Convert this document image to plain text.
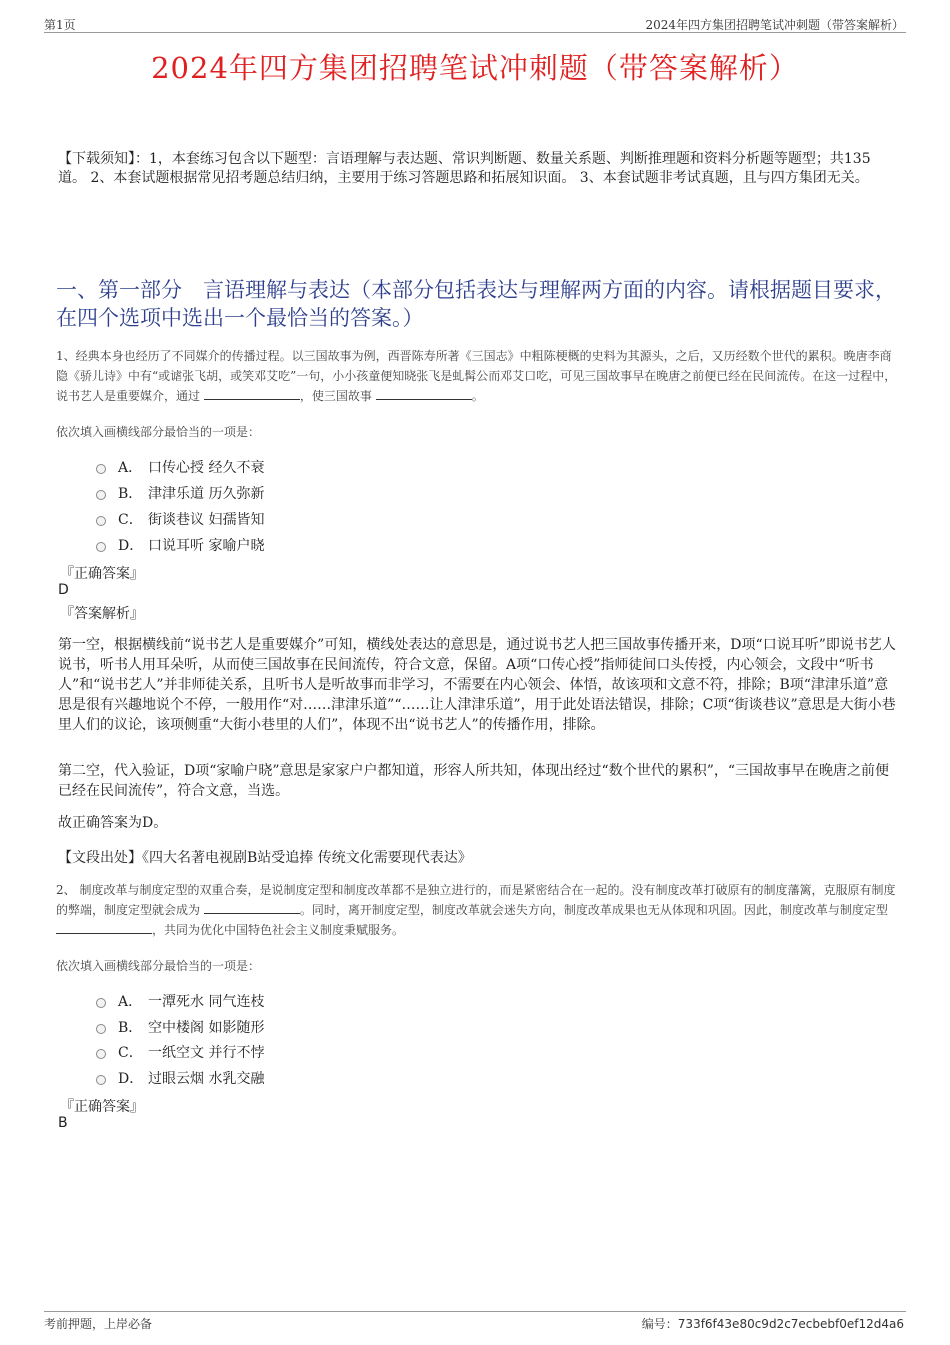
第1页	2024年四方集团招聘笔试冲刺题（带答案解析）
2024年四方集团招聘笔试冲刺题（带答案解析）
【下载须知】：1，本套练习包含以下题型：言语理解与表达题、常识判断题、数量关系题、判断推理题和资料分析题等题型；共135道。 2、本套试题根据常见招考题总结归纳，主要用于练习答题思路和拓展知识面。 3、本套试题非考试真题，且与四方集团无关。
一、第一部分　言语理解与表达（本部分包括表达与理解两方面的内容。请根据题目要求，在四个选项中选出一个最恰当的答案。）
1、经典本身也经历了不同媒介的传播过程。以三国故事为例，西晋陈寿所著《三国志》中粗陈梗概的史料为其源头，之后，又历经数个世代的累积。晚唐李商隐《骄儿诗》中有“或谑张飞胡，或笑邓艾吃”一句，小小孩童便知晓张飞是虬髯公而邓艾口吃，可见三国故事早在晚唐之前便已经在民间流传。在这一过程中，说书艺人是重要媒介，通过	，使三国故事	。
依次填入画横线部分最恰当的一项是：
A． 口传心授 经久不衰
B． 津津乐道 历久弥新
C． 街谈巷议 妇孺皆知
D． 口说耳听 家喻户晓
『正确答案』
D
『答案解析』
第一空，根据横线前“说书艺人是重要媒介”可知，横线处表达的意思是，通过说书艺人把三国故事传播开来，D项“口说耳听”即说书艺人说书，听书人用耳朵听，从而使三国故事在民间流传，符合文意，保留。A项“口传心授”指师徒间口头传授，内心领会，文段中“听书人”和“说书艺人”并非师徒关系，且听书人是听故事而非学习，不需要在内心领会、体悟，故该项和文意不符，排除；B项“津津乐道”意思是很有兴趣地说个不停，一般用作“对……津津乐道”“……让人津津乐道”，用于此处语法错误，排除；C项“街谈巷议”意思是大街小巷里人们的议论，该项侧重“大街小巷里的人们”，体现不出“说书艺人”的传播作用，排除。
第二空，代入验证，D项“家喻户晓”意思是家家户户都知道，形容人所共知，体现出经过“数个世代的累积”，“三国故事早在晚唐之前便已经在民间流传”，符合文意，当选。
故正确答案为D。
【文段出处】《四大名著电视剧B站受追捧 传统文化需要现代表达》
2、 制度改革与制度定型的双重合奏，是说制度定型和制度改革都不是独立进行的，而是紧密结合在一起的。没有制度改革打破原有的制度藩篱，克服原有制度的弊端，制度定型就会成为	。同时，离开制度定型，制度改革就会迷失方向，制度改革成果也无从体现和巩固。因此，制度改革与制度定型 ，共同为优化中国特色社会主义制度秉赋服务。
依次填入画横线部分最恰当的一项是：
A． 一潭死水 同气连枝
B． 空中楼阁 如影随形
C． 一纸空文 并行不悖
D． 过眼云烟 水乳交融
『正确答案』
B
考前押题，上岸必备	编号：733f6f43e80c9d2c7ecbebf0ef12d4a6
